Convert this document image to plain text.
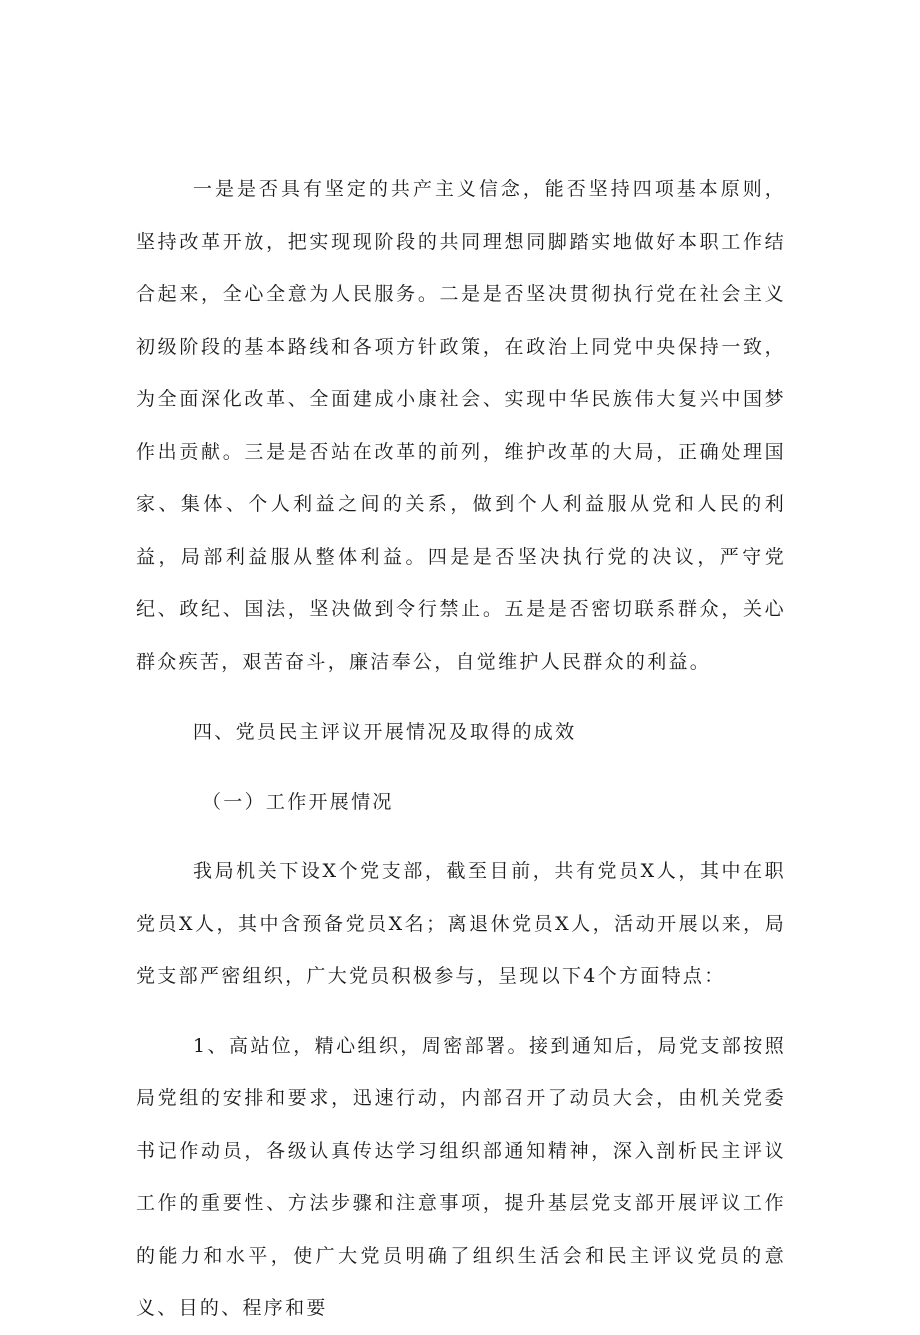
一是是否具有坚定的共产主义信念，能否坚持四项基本原则，坚持改革开放，把实现现阶段的共同理想同脚踏实地做好本职工作结合起来，全心全意为人民服务。二是是否坚决贯彻执行党在社会主义初级阶段的基本路线和各项方针政策，在政治上同党中央保持一致，为全面深化改革、全面建成小康社会、实现中华民族伟大复兴中国梦作出贡献。三是是否站在改革的前列，维护改革的大局，正确处理国家、集体、个人利益之间的关系，做到个人利益服从党和人民的利益，局部利益服从整体利益。四是是否坚决执行党的决议，严守党纪、政纪、国法，坚决做到令行禁止。五是是否密切联系群众，关心群众疾苦，艰苦奋斗，廉洁奉公，自觉维护人民群众的利益。

四、党员民主评议开展情况及取得的成效

（一）工作开展情况

我局机关下设X个党支部，截至目前，共有党员X人，其中在职党员X人，其中含预备党员X名；离退休党员X人，活动开展以来，局党支部严密组织，广大党员积极参与，呈现以下4个方面特点：

1、高站位，精心组织，周密部署。接到通知后，局党支部按照局党组的安排和要求，迅速行动，内部召开了动员大会，由机关党委书记作动员，各级认真传达学习组织部通知精神，深入剖析民主评议工作的重要性、方法步骤和注意事项，提升基层党支部开展评议工作的能力和水平，使广大党员明确了组织生活会和民主评议党员的意义、目的、程序和要
